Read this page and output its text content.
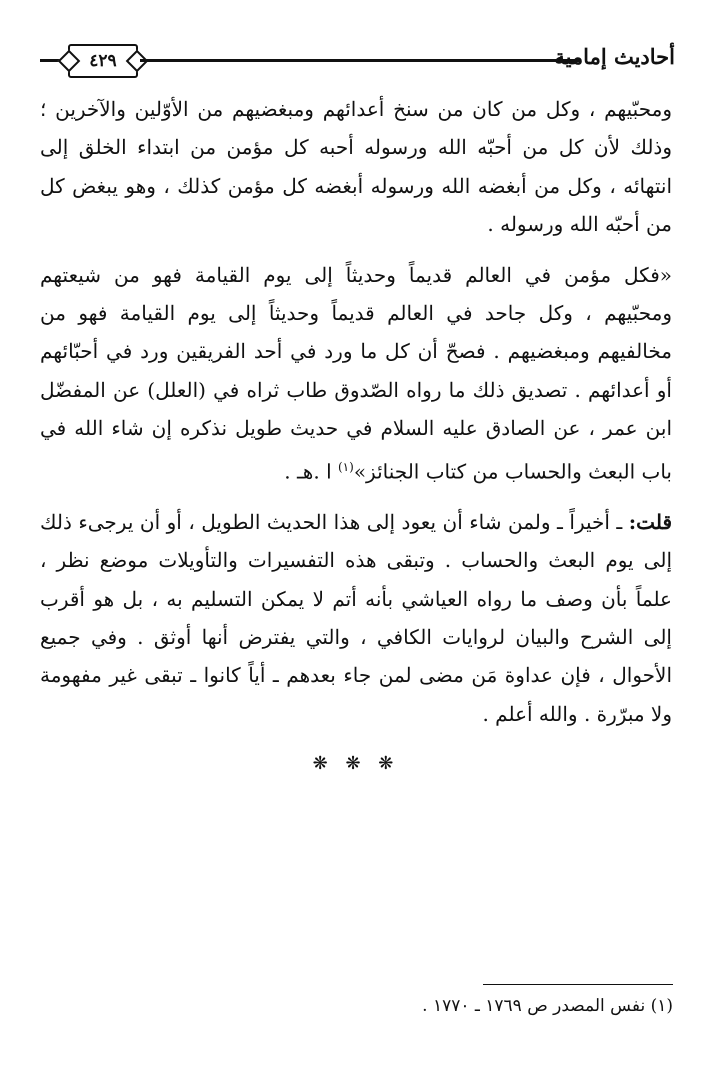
٤٢٩	أحاديث إمامية

ومحبّيهم ، وكل من كان من سنخ أعدائهم ومبغضيهم من الأوّلين والآخرين ؛ وذلك لأن كل من أحبّه الله ورسوله أحبه كل مؤمن من ابتداء الخلق إلى انتهائه ، وكل من أبغضه الله ورسوله أبغضه كل مؤمن كذلك ، وهو يبغض كل من أحبّه الله ورسوله .

«فكل مؤمن في العالم قديماً وحديثاً إلى يوم القيامة فهو من شيعتهم ومحبّيهم ، وكل جاحد في العالم قديماً وحديثاً إلى يوم القيامة فهو من مخالفيهم ومبغضيهم . فصحّ أن كل ما ورد في أحد الفريقين ورد في أحبّائهم أو أعدائهم . تصديق ذلك ما رواه الصّدوق طاب ثراه في (العلل) عن المفضّل ابن عمر ، عن الصادق عليه السلام في حديث طويل نذكره إن شاء الله في باب البعث والحساب من كتاب الجنائز»$^{(١)}$ ا .هـ .

قلت: ـ أخيراً ـ ولمن شاء أن يعود إلى هذا الحديث الطويل ، أو أن يرجىء ذلك إلى يوم البعث والحساب . وتبقى هذه التفسيرات والتأويلات موضع نظر ، علماً بأن وصف ما رواه العياشي بأنه أتم لا يمكن التسليم به ، بل هو أقرب إلى الشرح والبيان لروايات الكافي ، والتي يفترض أنها أوثق . وفي جميع الأحوال ، فإن عداوة مَن مضى لمن جاء بعدهم ـ أياً كانوا ـ تبقى غير مفهومة ولا مبرّرة . والله أعلم .

❋ ❋ ❋
(١) نفس المصدر ص ١٧٦٩ ـ ١٧٧٠ .
